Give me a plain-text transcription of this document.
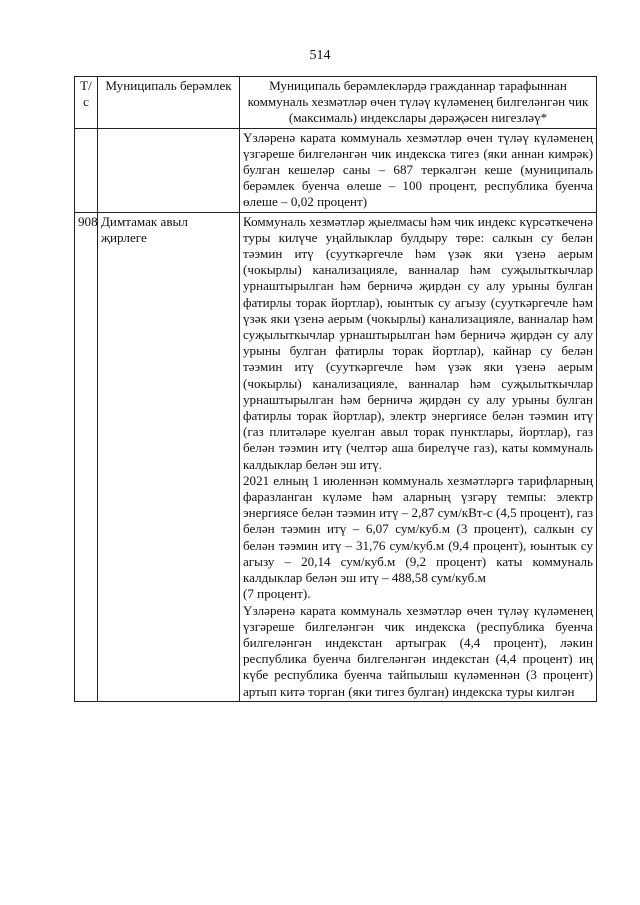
514
Т/с	Муниципаль берәмлек	Муниципаль берәмлекләрдә гражданнар тарафыннан коммуналь хезмәтләр өчен түләү күләменең билгеләнгән чик (максималь) индекслары дәрәҗәсен нигезләү*
		Үзләренә карата коммуналь хезмәтләр өчен түләү күләменең үзгәреше билгеләнгән чик индекска тигез (яки аннан кимрәк) булган кешеләр саны – 687 теркәлгән кеше (муниципаль берәмлек буенча өлеше – 100 процент, республика буенча өлеше – 0,02 процент)
908	Димтамак авыл җирлеге	Коммуналь хезмәтләр җыелмасы һәм чик индекс күрсәткеченә туры килүче уңайлыклар булдыру төре: салкын су белән тәэмин итү (сууткәргечле һәм үзәк яки үзенә аерым (чокырлы) канализацияле, ванналар һәм суҗылыткычлар урнаштырылган һәм берничә җирдән су алу урыны булган фатирлы торак йортлар), юынтык су агызу (сууткәргечле һәм үзәк яки үзенә аерым (чокырлы) канализацияле, ванналар һәм суҗылыткычлар урнаштырылган һәм берничә җирдән су алу урыны булган фатирлы торак йортлар), кайнар су белән тәэмин итү (сууткәргечле һәм үзәк яки үзенә аерым (чокырлы) канализацияле, ванналар һәм суҗылыткычлар урнаштырылган һәм берничә җирдән су алу урыны булган фатирлы торак йортлар), электр энергиясе белән тәэмин итү (газ плитәләре куелган авыл торак пунктлары, йортлар), газ белән тәэмин итү (челтәр аша бирелүче газ), каты коммуналь калдыклар белән эш итү.

2021 елның 1 июленнән коммуналь хезмәтләргә тарифларның фаразланган күләме һәм аларның үзгәрү темпы: электр энергиясе белән тәэмин итү – 2,87 сум/кВт-с (4,5 процент), газ белән тәэмин итү – 6,07 сум/куб.м (3 процент), салкын су белән тәэмин итү – 31,76 сум/куб.м (9,4 процент), юынтык су агызу – 20,14 сум/куб.м (9,2 процент) каты коммуналь калдыклар белән эш итү – 488,58 сум/куб.м
(7 процент).

Үзләренә карата коммуналь хезмәтләр өчен түләү күләменең үзгәреше билгеләнгән чик индекска (республика буенча билгеләнгән индекстан артыграк (4,4 процент), ләкин республика буенча билгеләнгән индекстан (4,4 процент) иң күбе республика буенча тайпылыш күләменнән (3 процент) артып китә торган (яки тигез булган) индекска туры килгән
